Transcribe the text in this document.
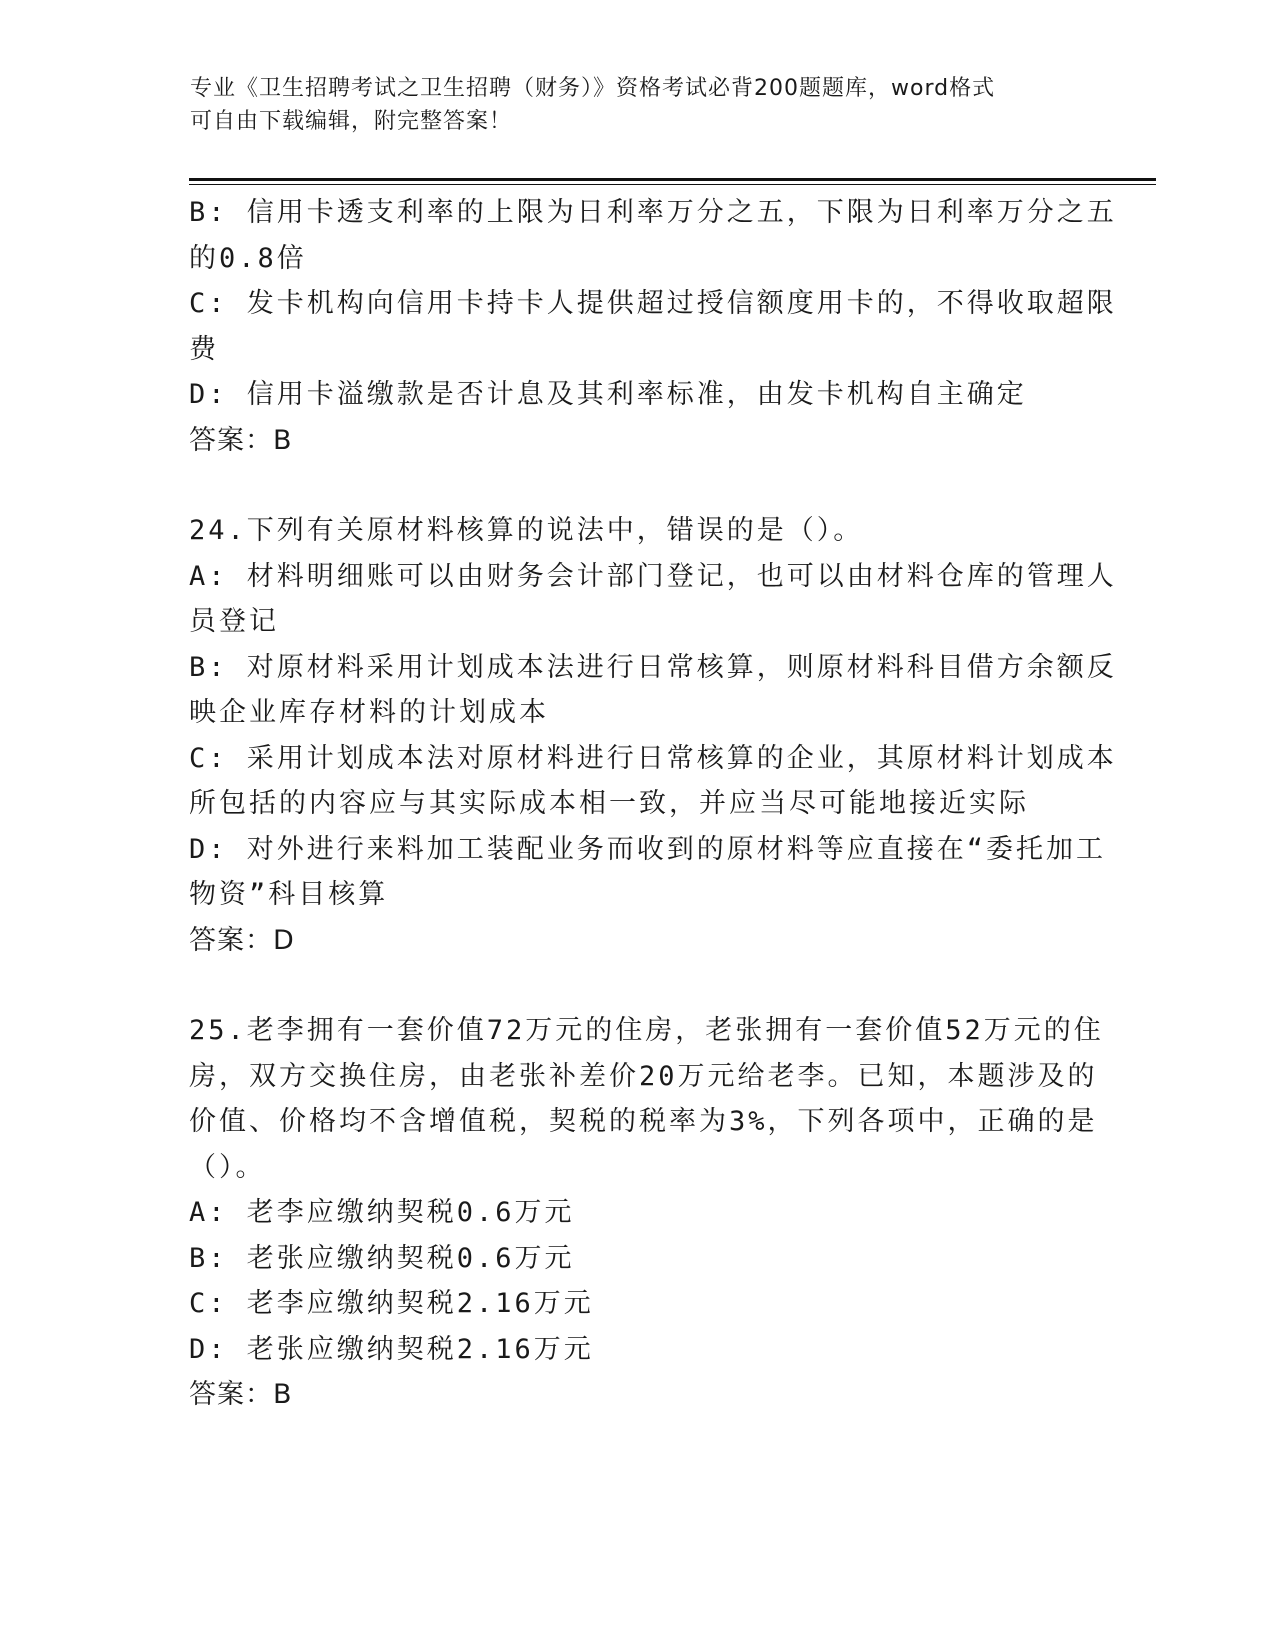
专业《卫生招聘考试之卫生招聘（财务）》资格考试必背200题题库，word格式
可自由下载编辑，附完整答案！
B: 信用卡透支利率的上限为日利率万分之五，下限为日利率万分之五
的0.8倍
C: 发卡机构向信用卡持卡人提供超过授信额度用卡的，不得收取超限
费
D: 信用卡溢缴款是否计息及其利率标准，由发卡机构自主确定
答案：B
24.下列有关原材料核算的说法中，错误的是（）。
A: 材料明细账可以由财务会计部门登记，也可以由材料仓库的管理人
员登记
B: 对原材料采用计划成本法进行日常核算，则原材料科目借方余额反
映企业库存材料的计划成本
C: 采用计划成本法对原材料进行日常核算的企业，其原材料计划成本
所包括的内容应与其实际成本相一致，并应当尽可能地接近实际
D: 对外进行来料加工装配业务而收到的原材料等应直接在“委托加工
物资”科目核算
答案：D
25.老李拥有一套价值72万元的住房，老张拥有一套价值52万元的住
房，双方交换住房，由老张补差价20万元给老李。已知，本题涉及的
价值、价格均不含增值税，契税的税率为3%，下列各项中，正确的是
（）。
A: 老李应缴纳契税0.6万元
B: 老张应缴纳契税0.6万元
C: 老李应缴纳契税2.16万元
D: 老张应缴纳契税2.16万元
答案：B
